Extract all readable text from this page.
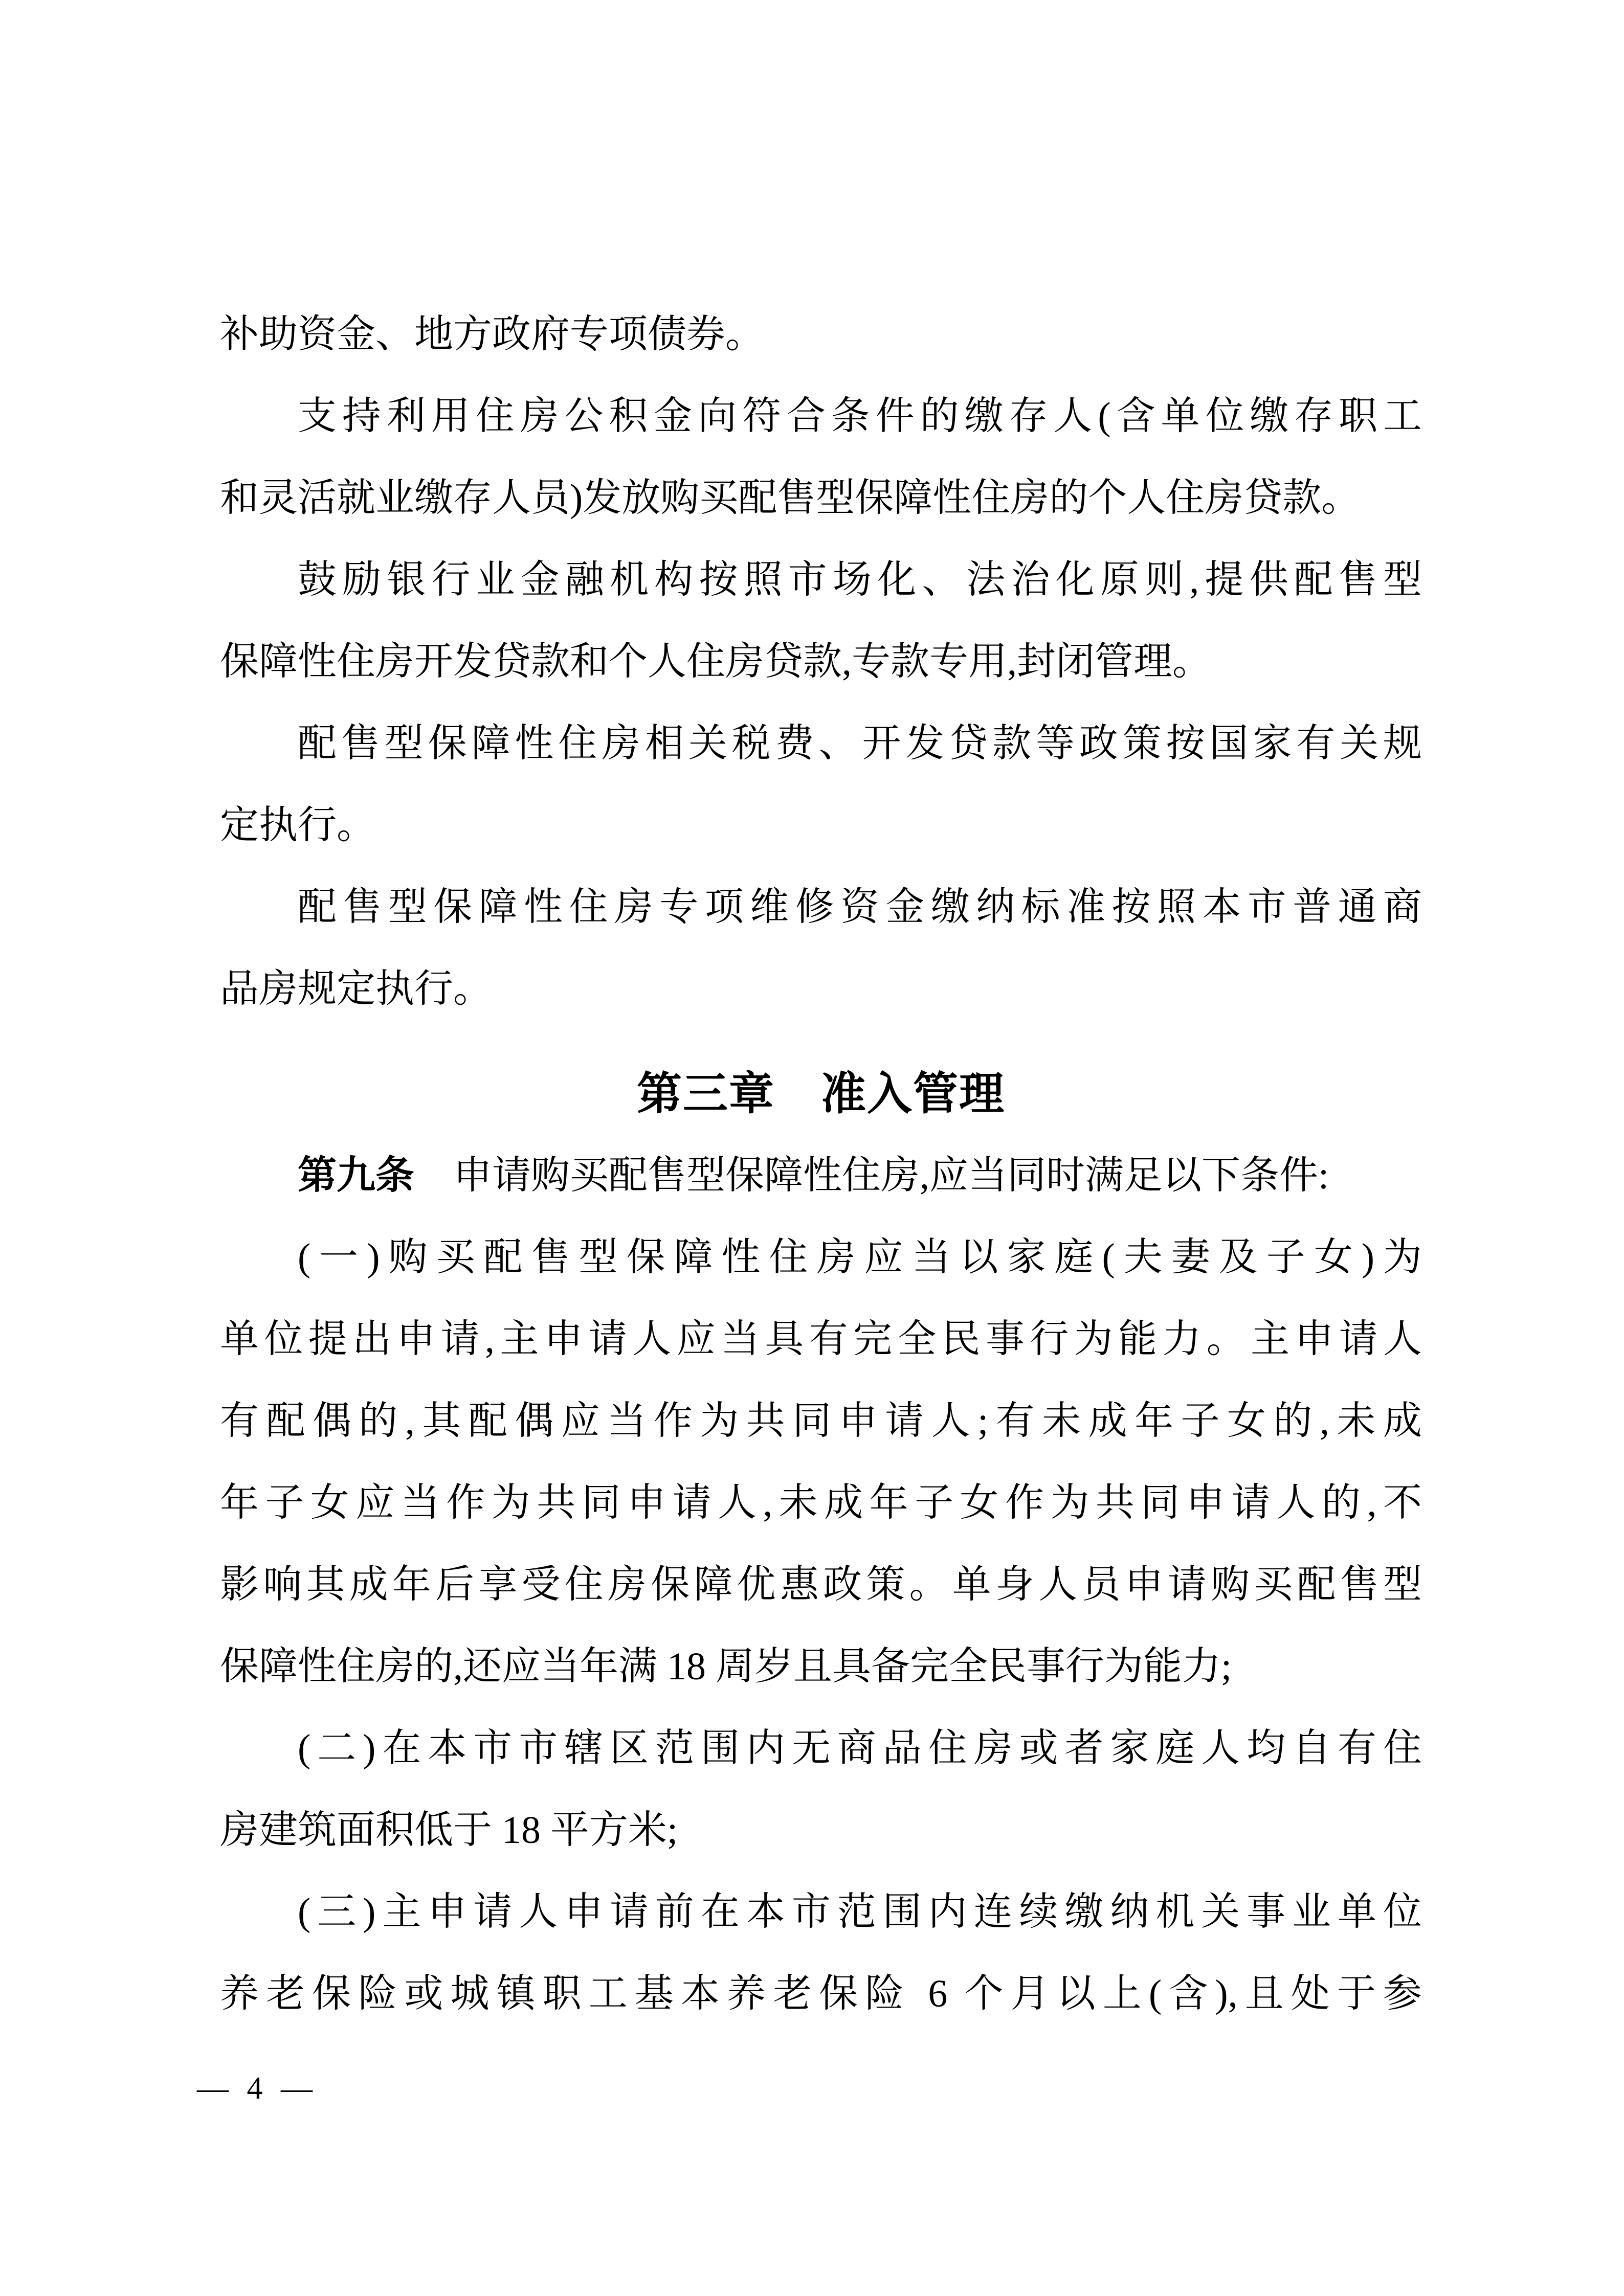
补助资金、地方政府专项债券。
支持利用住房公积金向符合条件的缴存人(含单位缴存职工
和灵活就业缴存人员)发放购买配售型保障性住房的个人住房贷款。
鼓励银行业金融机构按照市场化、法治化原则,提供配售型
保障性住房开发贷款和个人住房贷款,专款专用,封闭管理。
配售型保障性住房相关税费、开发贷款等政策按国家有关规
定执行。
配售型保障性住房专项维修资金缴纳标准按照本市普通商
品房规定执行。
第三章　准入管理
第九条　申请购买配售型保障性住房,应当同时满足以下条件:
(一)购买配售型保障性住房应当以家庭(夫妻及子女)为
单位提出申请,主申请人应当具有完全民事行为能力。主申请人
有配偶的,其配偶应当作为共同申请人;有未成年子女的,未成
年子女应当作为共同申请人,未成年子女作为共同申请人的,不
影响其成年后享受住房保障优惠政策。单身人员申请购买配售型
保障性住房的,还应当年满 18 周岁且具备完全民事行为能力;
(二)在本市市辖区范围内无商品住房或者家庭人均自有住
房建筑面积低于 18 平方米;
(三)主申请人申请前在本市范围内连续缴纳机关事业单位
养老保险或城镇职工基本养老保险 6 个月以上(含),且处于参
— 4 —
